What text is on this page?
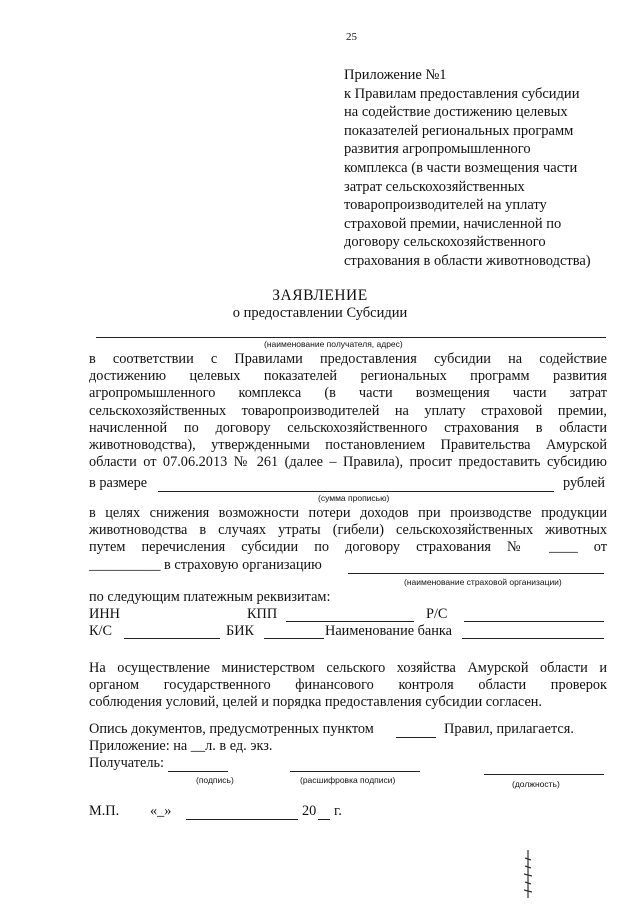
25
Приложение №1
к Правилам предоставления субсидии
на содействие достижению целевых
показателей региональных программ
развития агропромышленного
комплекса (в части возмещения части
затрат сельскохозяйственных
товаропроизводителей на уплату
страховой премии, начисленной по
договору сельскохозяйственного
страхования в области животноводства)
ЗАЯВЛЕНИЕ
о предоставлении Субсидии
(наименование получателя, адрес)
в соответствии с Правилами предоставления субсидии на содействие
достижению целевых показателей региональных программ развития
агропромышленного комплекса (в части возмещения части затрат
сельскохозяйственных товаропроизводителей на уплату страховой премии,
начисленной по договору сельскохозяйственного страхования в области
животноводства), утвержденными постановлением Правительства Амурской
области от 07.06.2013 № 261 (далее – Правила), просит предоставить субсидию
в размере	рублей
(сумма прописью)
в целях снижения возможности потери доходов при производстве продукции
животноводства в случаях утраты (гибели) сельскохозяйственных животных
путем перечисления субсидии по договору страхования № ____ от
__________ в страховую организацию
(наименование страховой организации)
по следующим платежным реквизитам:
ИНН	КПП	Р/С
К/С	БИК	Наименование банка
На осуществление министерством сельского хозяйства Амурской области и
органом государственного финансового контроля области проверок
соблюдения условий, целей и порядка предоставления субсидии согласен.
Опись документов, предусмотренных пунктом	Правил, прилагается.
Приложение: на __л. в ед. экз.
Получатель:
(подпись)	(расшифровка подписи)	(должность)
М.П. «_»	20 г.
